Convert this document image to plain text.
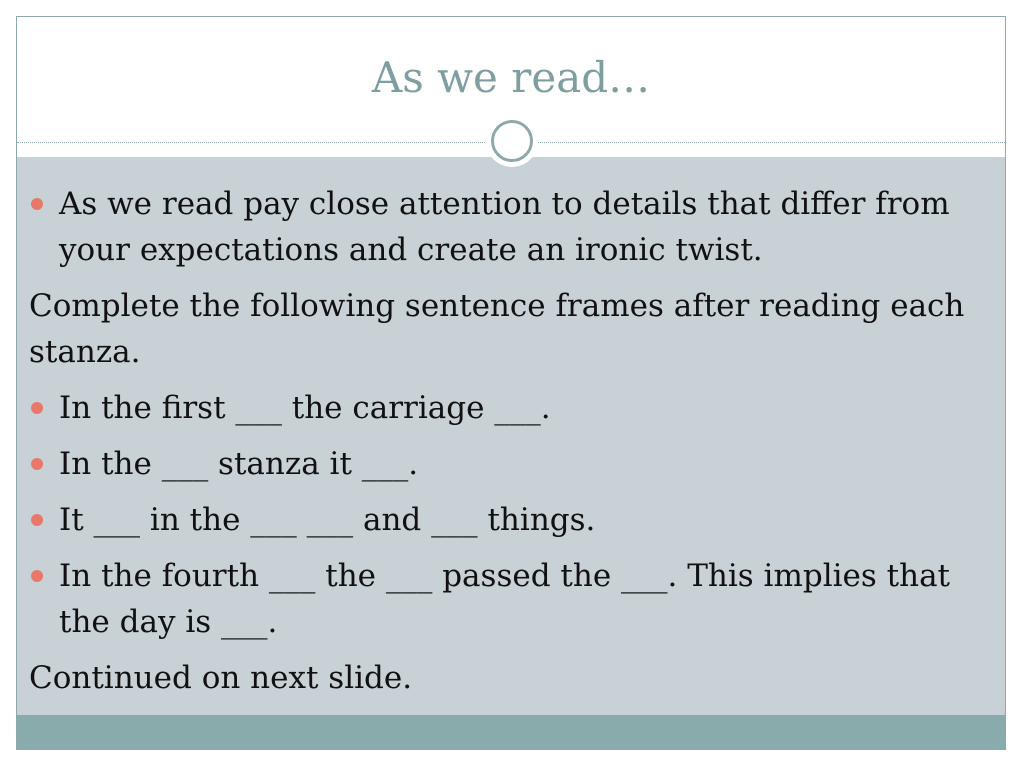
As we read…
As we read pay close attention to details that differ from your expectations and create an ironic twist.
Complete the following sentence frames after reading each stanza.
In the first ___ the carriage ___.
In the ___ stanza it ___.
It ___ in the ___ ___ and ___ things.
In the fourth ___ the ___ passed the ___. This implies that the day is ___.
Continued on next slide.
